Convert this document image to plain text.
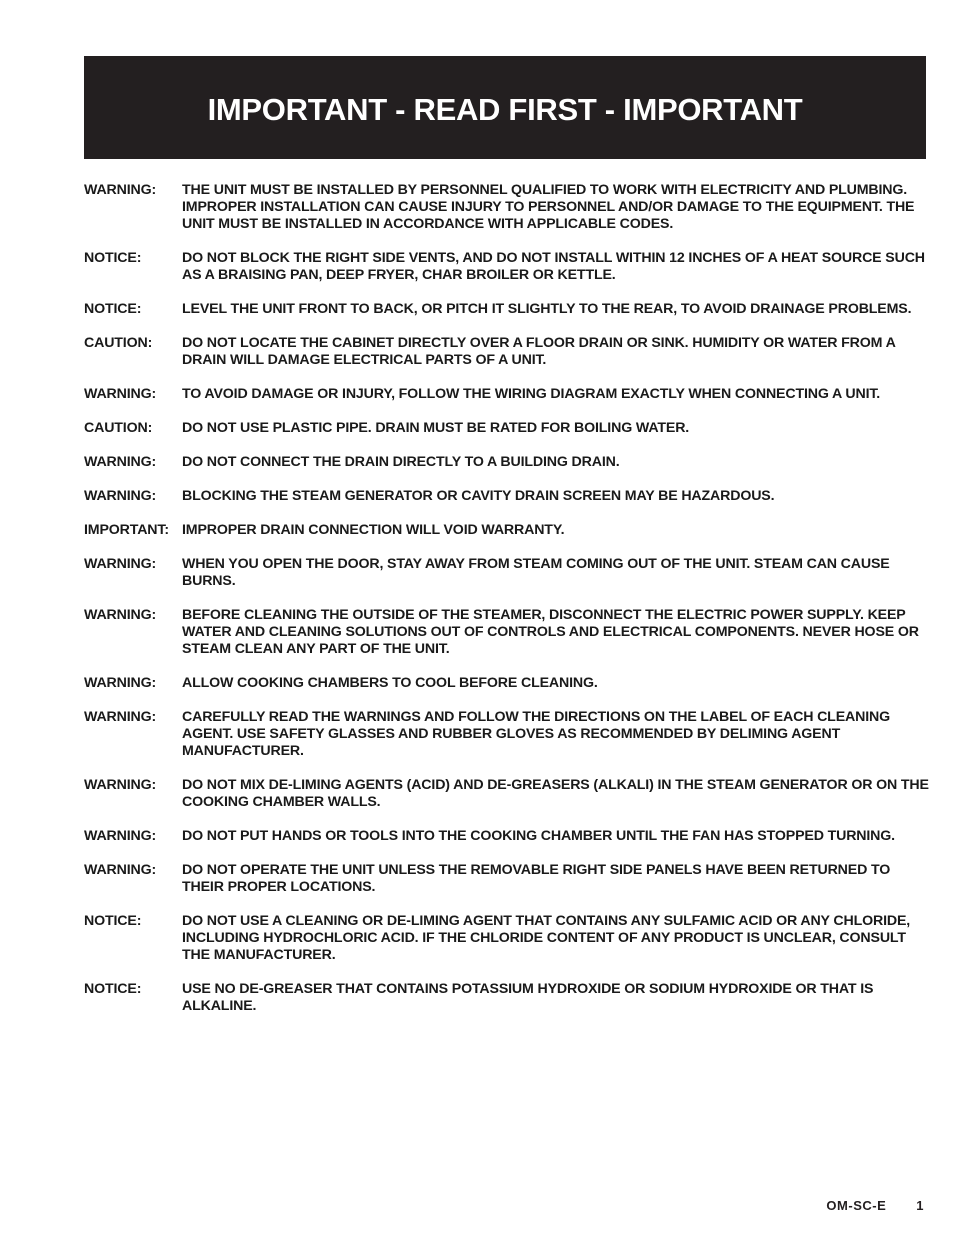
IMPORTANT - READ FIRST - IMPORTANT
WARNING:	THE UNIT MUST BE INSTALLED BY PERSONNEL QUALIFIED TO WORK WITH ELECTRICITY AND PLUMBING. IMPROPER INSTALLATION CAN CAUSE INJURY TO PERSONNEL AND/OR DAMAGE TO THE EQUIPMENT. THE UNIT MUST BE INSTALLED IN ACCORDANCE WITH APPLICABLE CODES.
NOTICE:	DO NOT BLOCK THE RIGHT SIDE VENTS, AND DO NOT INSTALL WITHIN 12 INCHES OF A HEAT SOURCE SUCH AS A BRAISING PAN, DEEP FRYER, CHAR BROILER OR KETTLE.
NOTICE:	LEVEL THE UNIT FRONT TO BACK, OR PITCH IT SLIGHTLY TO THE REAR, TO AVOID DRAINAGE PROBLEMS.
CAUTION:	DO NOT LOCATE THE CABINET DIRECTLY OVER A FLOOR DRAIN OR SINK. HUMIDITY OR WATER FROM A DRAIN WILL DAMAGE ELECTRICAL PARTS OF A UNIT.
WARNING:	TO AVOID DAMAGE OR INJURY, FOLLOW THE WIRING DIAGRAM EXACTLY WHEN CONNECTING A UNIT.
CAUTION:	DO NOT USE PLASTIC PIPE. DRAIN MUST BE RATED FOR BOILING WATER.
WARNING:	DO NOT CONNECT THE DRAIN DIRECTLY TO A BUILDING DRAIN.
WARNING:	BLOCKING THE STEAM GENERATOR OR CAVITY DRAIN SCREEN MAY BE HAZARDOUS.
IMPORTANT: IMPROPER DRAIN CONNECTION WILL VOID WARRANTY.
WARNING:	WHEN YOU OPEN THE DOOR, STAY AWAY FROM STEAM COMING OUT OF THE UNIT. STEAM CAN CAUSE BURNS.
WARNING:	BEFORE CLEANING THE OUTSIDE OF THE STEAMER, DISCONNECT THE ELECTRIC POWER SUPPLY. KEEP WATER AND CLEANING SOLUTIONS OUT OF CONTROLS AND ELECTRICAL COMPONENTS. NEVER HOSE OR STEAM CLEAN ANY PART OF THE UNIT.
WARNING:	ALLOW COOKING CHAMBERS TO COOL BEFORE CLEANING.
WARNING:	CAREFULLY READ THE WARNINGS AND FOLLOW THE DIRECTIONS ON THE LABEL OF EACH CLEANING AGENT. USE SAFETY GLASSES AND RUBBER GLOVES AS RECOMMENDED BY DELIMING AGENT MANUFACTURER.
WARNING:	DO NOT MIX DE-LIMING AGENTS (ACID) AND DE-GREASERS (ALKALI) IN THE STEAM GENERATOR OR ON THE COOKING CHAMBER WALLS.
WARNING:	DO NOT PUT HANDS OR TOOLS INTO THE COOKING CHAMBER UNTIL THE FAN HAS STOPPED TURNING.
WARNING:	DO NOT OPERATE THE UNIT UNLESS THE REMOVABLE RIGHT SIDE PANELS HAVE BEEN RETURNED TO THEIR PROPER LOCATIONS.
NOTICE:	DO NOT USE A CLEANING OR DE-LIMING AGENT THAT CONTAINS ANY SULFAMIC ACID OR ANY CHLORIDE, INCLUDING HYDROCHLORIC ACID. IF THE CHLORIDE CONTENT OF ANY PRODUCT IS UNCLEAR, CONSULT THE MANUFACTURER.
NOTICE:	USE NO DE-GREASER THAT CONTAINS POTASSIUM HYDROXIDE OR SODIUM HYDROXIDE OR THAT IS ALKALINE.
OM-SC-E 1
